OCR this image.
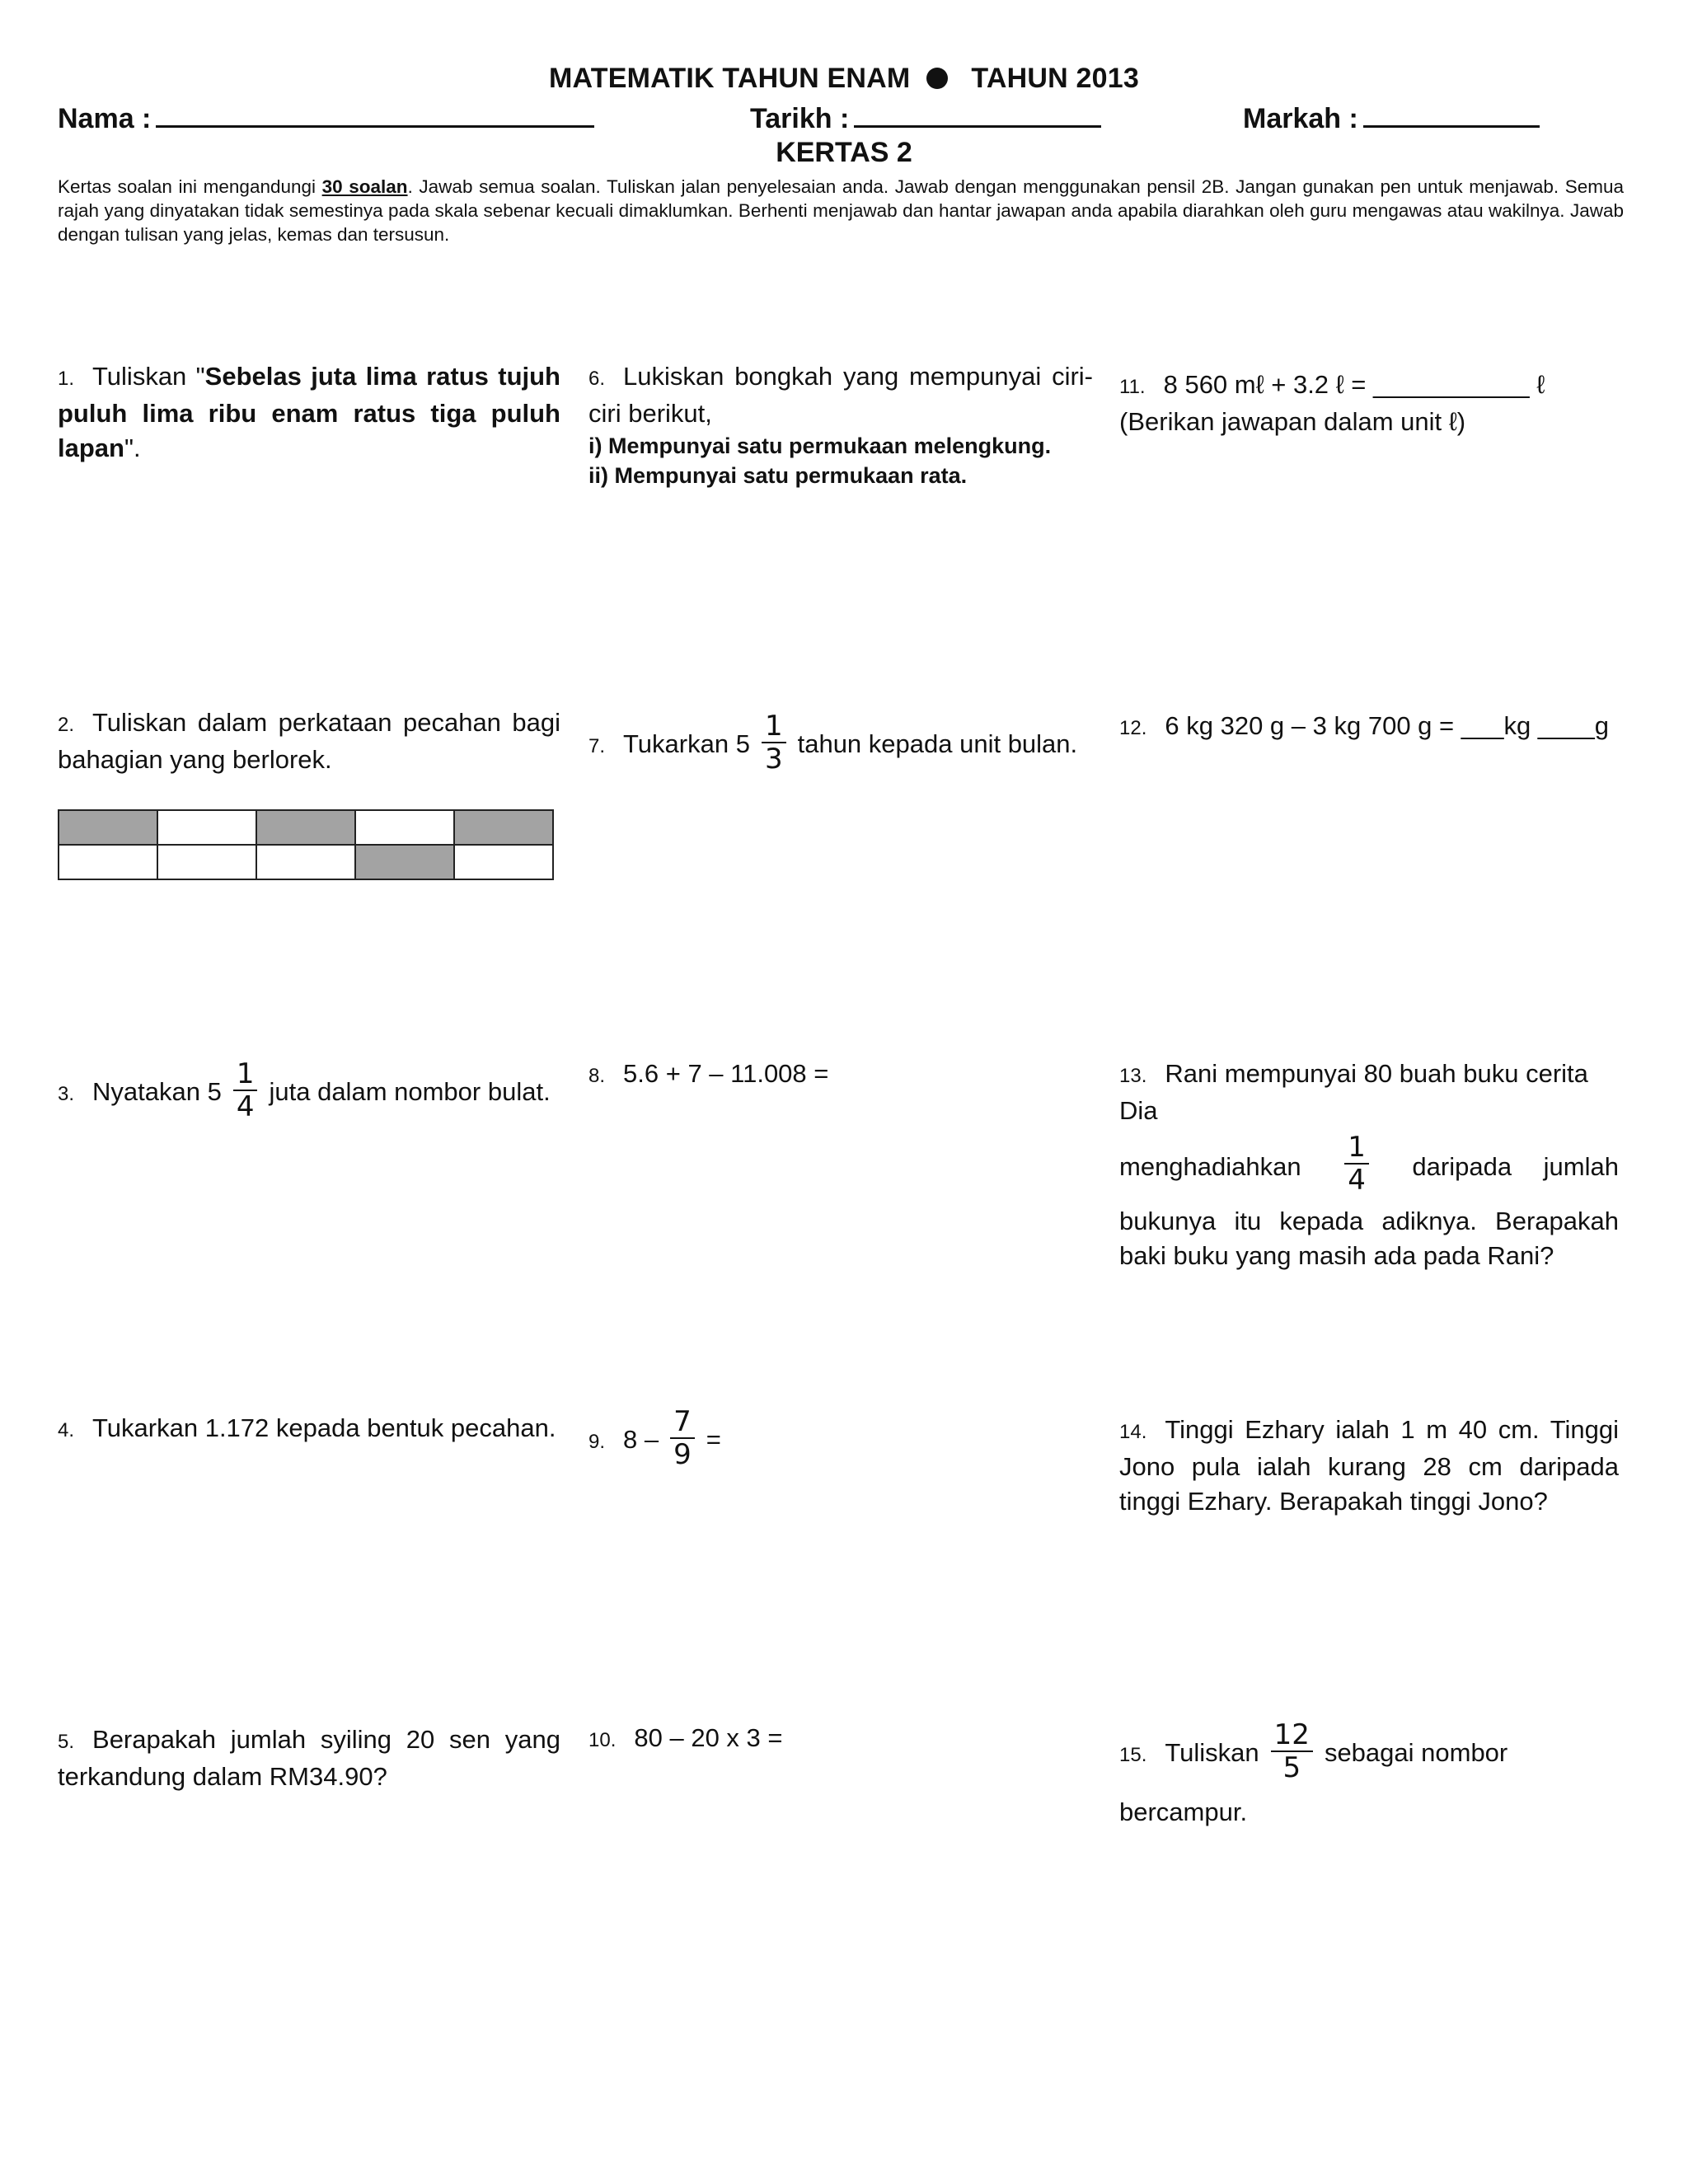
MATEMATIK TAHUN ENAM TAHUN 2013
Nama :	Tarikh :	Markah :
KERTAS 2
Kertas soalan ini mengandungi 30 soalan. Jawab semua soalan. Tuliskan jalan penyelesaian anda. Jawab dengan menggunakan pensil 2B. Jangan gunakan pen untuk menjawab. Semua rajah yang dinyatakan tidak semestinya pada skala sebenar kecuali dimaklumkan. Berhenti menjawab dan hantar jawapan anda apabila diarahkan oleh guru mengawas atau wakilnya. Jawab dengan tulisan yang jelas, kemas dan tersusun.
1. Tuliskan "Sebelas juta lima ratus tujuh puluh lima ribu enam ratus tiga puluh lapan".
2. Tuliskan dalam perkataan pecahan bagi bahagian yang berlorek.

3. Nyatakan $5 \frac{1}{4}$ juta dalam nombor bulat.
4. Tukarkan 1.172 kepada bentuk pecahan.
5. Berapakah jumlah syiling 20 sen yang terkandung dalam RM34.90?
6. Lukiskan bongkah yang mempunyai ciri-ciri berikut,
i) Mempunyai satu permukaan melengkung.
ii) Mempunyai satu permukaan rata.
7. Tukarkan $5 \frac{1}{3}$ tahun kepada unit bulan.
8. 5.6 + 7 – 11.008 =
9. $8 - \frac{7}{9}$ =
10. 80 – 20 x 3 =
11. 8 560 mℓ + 3.2 ℓ = ___________ ℓ
(Berikan jawapan dalam unit ℓ)
12. 6 kg 320 g – 3 kg 700 g = ___kg ____g
13. Rani mempunyai 80 buah buku cerita Dia
menghadiahkan $\frac{1}{4}$ daripada jumlah
bukunya itu kepada adiknya. Berapakah baki buku yang masih ada pada Rani?
14. Tinggi Ezhary ialah 1 m 40 cm. Tinggi Jono pula ialah kurang 28 cm daripada tinggi Ezhary. Berapakah tinggi Jono?
15. Tuliskan $\frac{12}{5}$ sebagai nombor
bercampur.
